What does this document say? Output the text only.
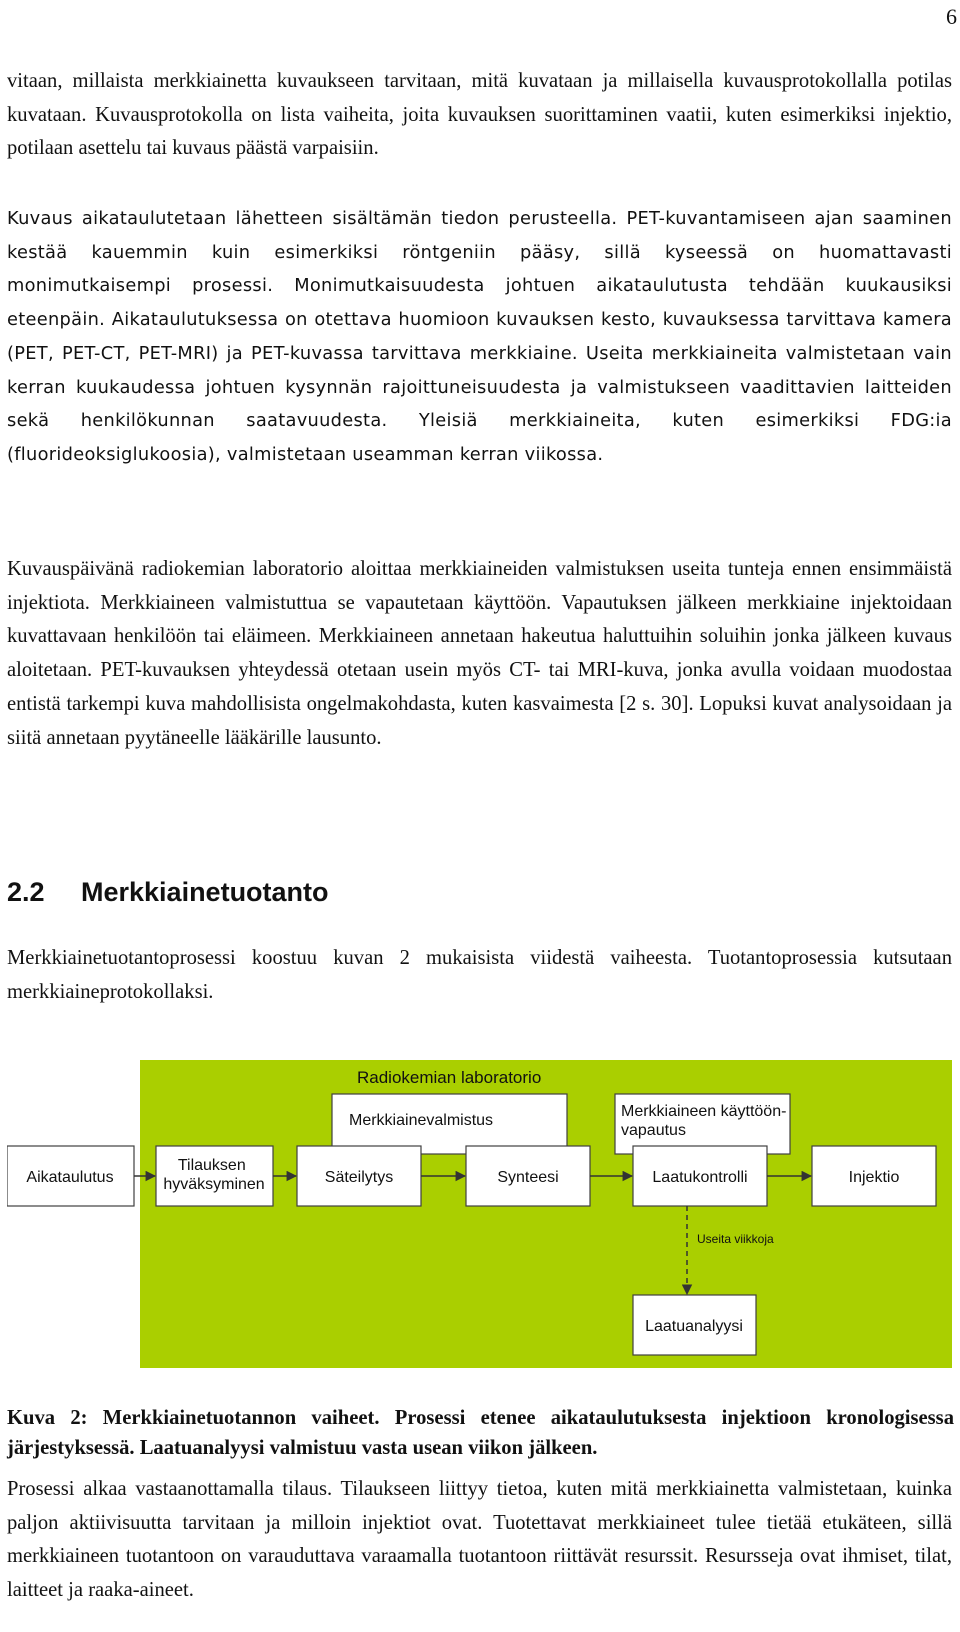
6

vitaan, millaista merkkiainetta kuvaukseen tarvitaan, mitä kuvataan ja millaisella kuvausprotokollalla potilas kuvataan. Kuvausprotokolla on lista vaiheita, joita kuvauksen suorittaminen vaatii, kuten esimerkiksi injektio, potilaan asettelu tai kuvaus päästä varpaisiin.

Kuvaus aikataulutetaan lähetteen sisältämän tiedon perusteella. PET-kuvantamiseen ajan saaminen kestää kauemmin kuin esimerkiksi röntgeniin pääsy, sillä kyseessä on huomattavasti monimutkaisempi prosessi. Monimutkaisuudesta johtuen aikataulutusta tehdään kuukausiksi eteenpäin. Aikataulutuksessa on otettava huomioon kuvauksen kesto, kuvauksessa tarvittava kamera (PET, PET-CT, PET-MRI) ja PET-kuvassa tarvittava merkkiaine. Useita merkkiaineita valmistetaan vain kerran kuukaudessa johtuen kysynnän rajoittuneisuudesta ja valmistukseen vaadittavien laitteiden sekä henkilökunnan saatavuudesta. Yleisiä merkkiaineita, kuten esimerkiksi FDG:ia (fluorideoksiglukoosia), valmistetaan useamman kerran viikossa.

Kuvauspäivänä radiokemian laboratorio aloittaa merkkiaineiden valmistuksen useita tunteja ennen ensimmäistä injektiota. Merkkiaineen valmistuttua se vapautetaan käyttöön. Vapautuksen jälkeen merkkiaine injektoidaan kuvattavaan henkilöön tai eläimeen. Merkkiaineen annetaan hakeutua haluttuihin soluihin jonka jälkeen kuvaus aloitetaan. PET-kuvauksen yhteydessä otetaan usein myös CT- tai MRI-kuva, jonka avulla voidaan muodostaa entistä tarkempi kuva mahdollisista ongelmakohdasta, kuten kasvaimesta [2 s. 30]. Lopuksi kuvat analysoidaan ja siitä annetaan pyytäneelle lääkärille lausunto.

2.2 Merkkiainetuotanto

Merkkiainetuotantoprosessi koostuu kuvan 2 mukaisista viidestä vaiheesta. Tuotantoprosessia kutsutaan merkkiaineprotokollaksi.

Radiokemian laboratorio
Merkkiainevalmistus
Merkkiaineen käyttöön- vapautus
Aikataulutus
Tilauksen hyväksyminen	Säteilytys	Synteesi	Laatukontrolli	Injektio
Laatuanalyysi
Useita viikkoja

Kuva 2: Merkkiainetuotannon vaiheet. Prosessi etenee aikataulutuksesta injektioon kronologisessa järjestyksessä. Laatuanalyysi valmistuu vasta usean viikon jälkeen.

Prosessi alkaa vastaanottamalla tilaus. Tilaukseen liittyy tietoa, kuten mitä merkkiainetta valmistetaan, kuinka paljon aktiivisuutta tarvitaan ja milloin injektiot ovat. Tuotettavat merkkiaineet tulee tietää etukäteen, sillä merkkiaineen tuotantoon on varauduttava varaamalla tuotantoon riittävät resurssit. Resursseja ovat ihmiset, tilat, laitteet ja raaka-aineet.
